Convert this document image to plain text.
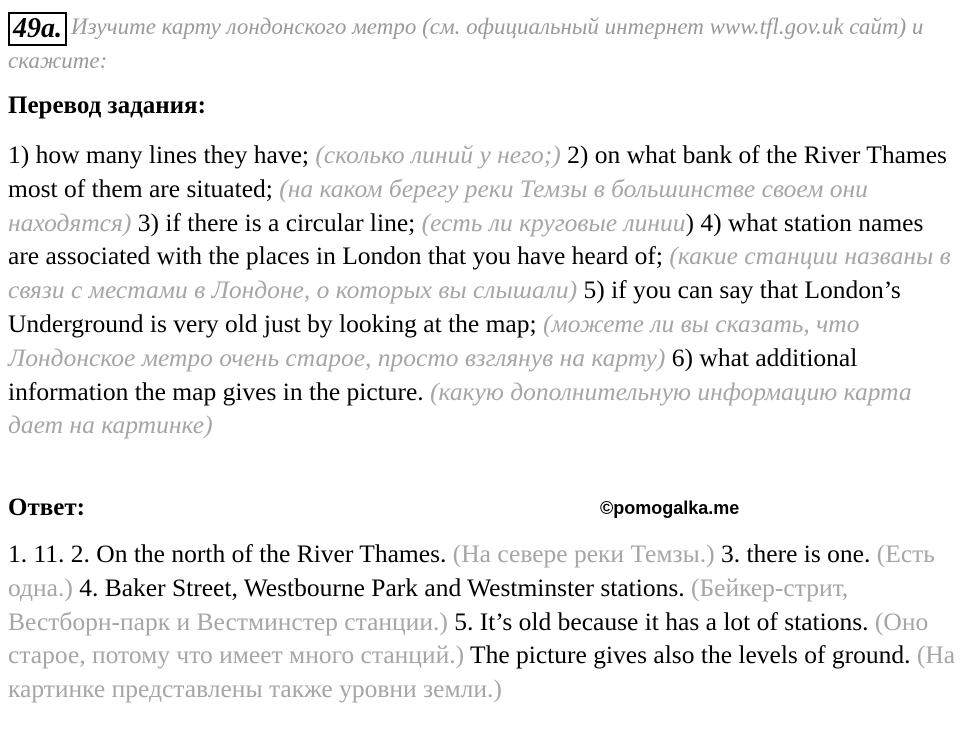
49a. Изучите карту лондонского метро (см. официальный интернет www.tfl.gov.uk сайт) и скажите:
Перевод задания:
1) how many lines they have; (сколько линий у него;) 2) on what bank of the River Thames most of them are situated; (на каком берегу реки Темзы в большинстве своем они находятся) 3) if there is a circular line; (есть ли круговые линии) 4) what station names are associated with the places in London that you have heard of; (какие станции названы в связи с местами в Лондоне, о которых вы слышали) 5) if you can say that London’s Underground is very old just by looking at the map; (можете ли вы сказать, что Лондонское метро очень старое, просто взглянув на карту) 6) what additional information the map gives in the picture. (какую дополнительную информацию карта дает на картинке)
Ответ:	©pomogalka.me
1. 11. 2. On the north of the River Thames. (На севере реки Темзы.) 3. there is one. (Есть одна.) 4. Baker Street, Westbourne Park and Westminster stations. (Бейкер-стрит, Вестборн-парк и Вестминстер станции.) 5. It’s old because it has a lot of stations. (Оно старое, потому что имеет много станций.) The picture gives also the levels of ground. (На картинке представлены также уровни земли.)
